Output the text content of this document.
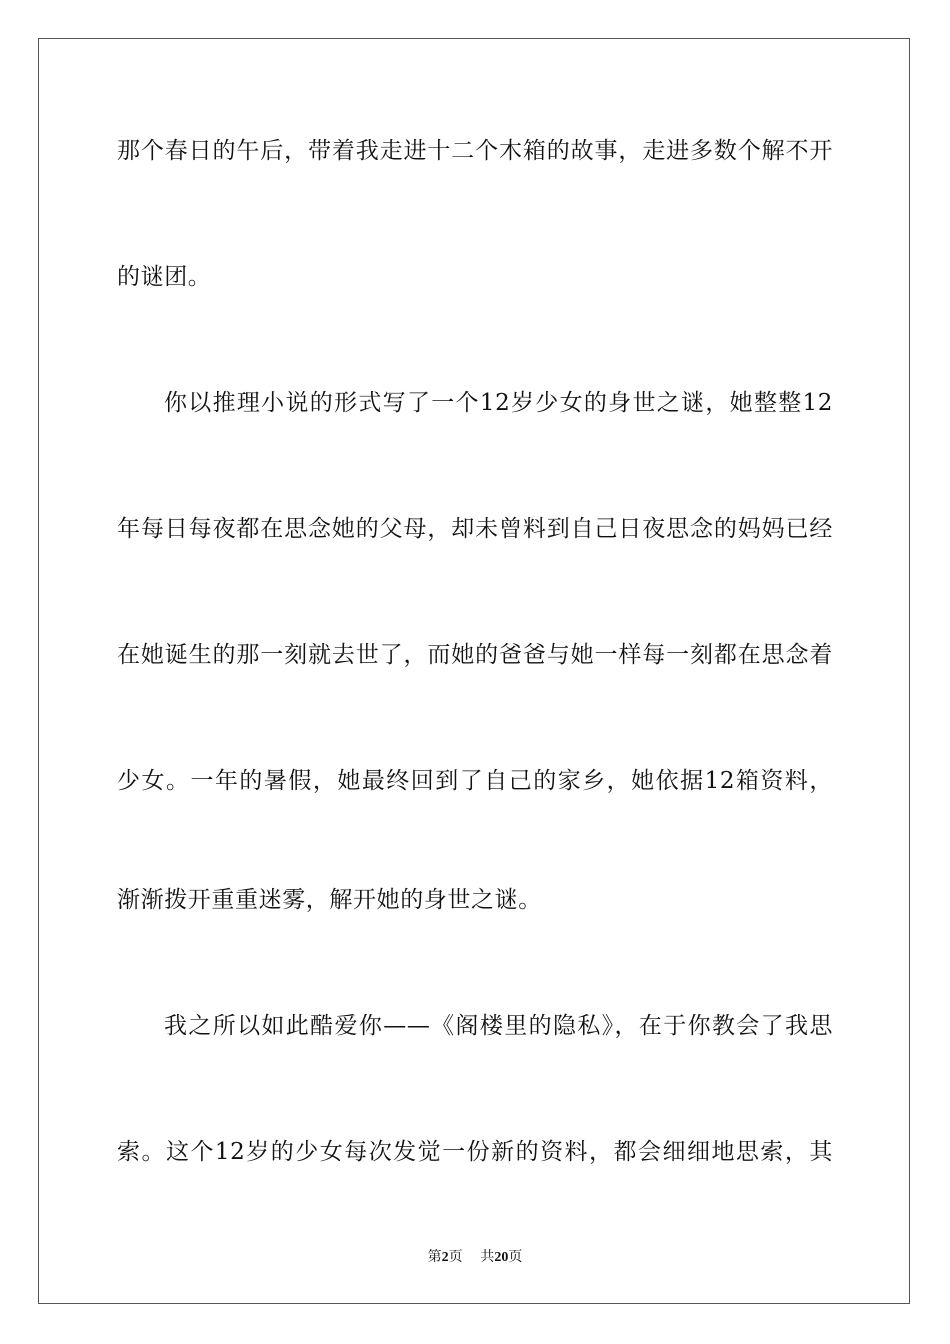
那个春日的午后，带着我走进十二个木箱的故事，走进多数个解不开
的谜团。
你以推理小说的形式写了一个12岁少女的身世之谜，她整整12
年每日每夜都在思念她的父母，却未曾料到自己日夜思念的妈妈已经
在她诞生的那一刻就去世了，而她的爸爸与她一样每一刻都在思念着
少女。一年的暑假，她最终回到了自己的家乡，她依据12箱资料，
渐渐拨开重重迷雾，解开她的身世之谜。
我之所以如此酷爱你——《阁楼里的隐私》，在于你教会了我思
索。这个12岁的少女每次发觉一份新的资料，都会细细地思索，其
第2页 共20页
